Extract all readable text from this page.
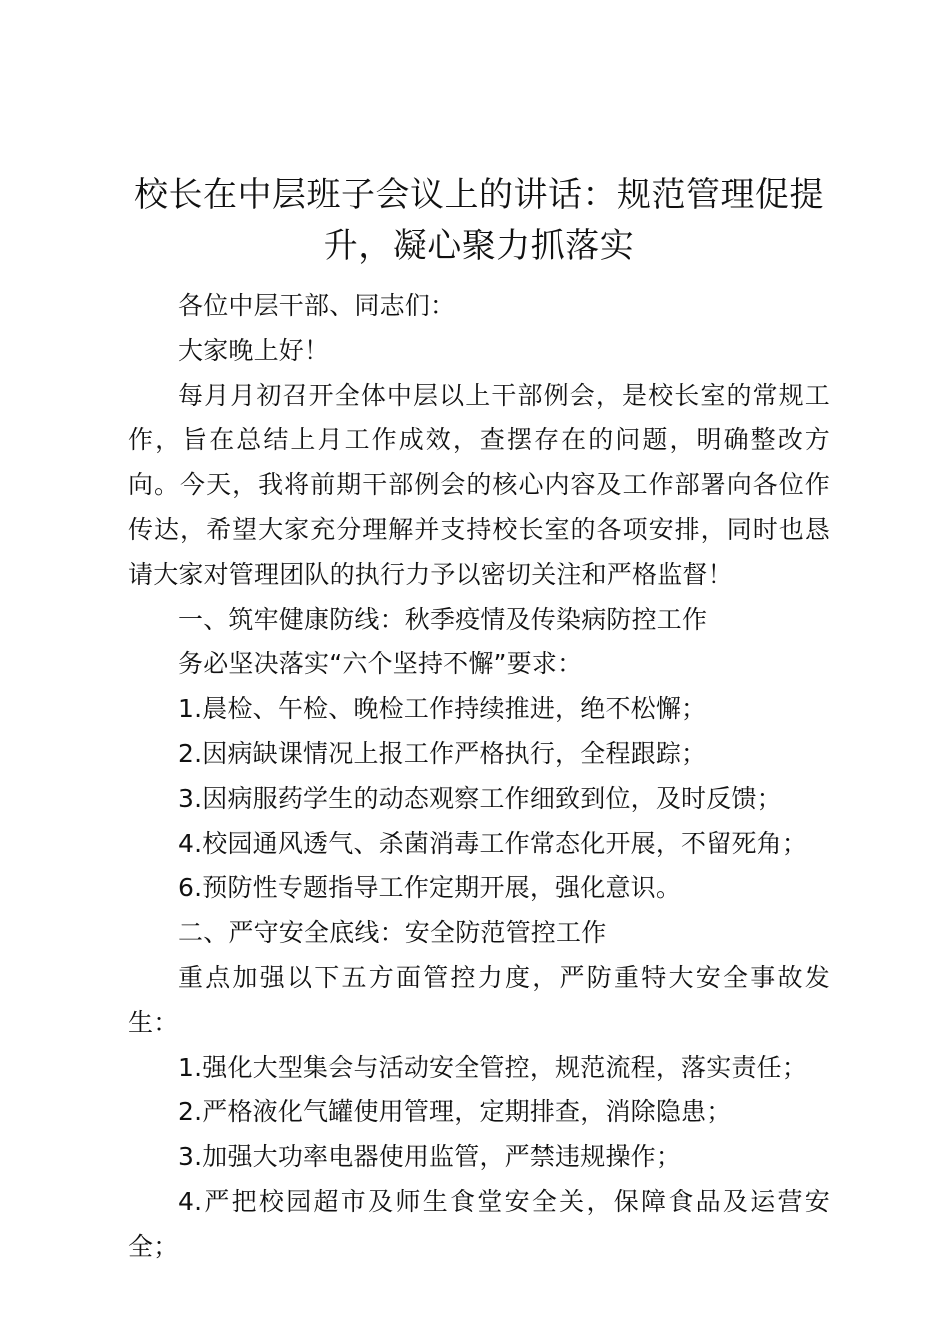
校长在中层班子会议上的讲话：规范管理促提
升，凝心聚力抓落实

各位中层干部、同志们：

大家晚上好！

每月月初召开全体中层以上干部例会，是校长室的常规工作，旨在总结上月工作成效，查摆存在的问题，明确整改方向。今天，我将前期干部例会的核心内容及工作部署向各位作传达，希望大家充分理解并支持校长室的各项安排，同时也恳请大家对管理团队的执行力予以密切关注和严格监督！

一、筑牢健康防线：秋季疫情及传染病防控工作

务必坚决落实“六个坚持不懈”要求：

1.晨检、午检、晚检工作持续推进，绝不松懈；

2.因病缺课情况上报工作严格执行，全程跟踪；

3.因病服药学生的动态观察工作细致到位，及时反馈；

4.校园通风透气、杀菌消毒工作常态化开展，不留死角；

6.预防性专题指导工作定期开展，强化意识。

二、严守安全底线：安全防范管控工作

重点加强以下五方面管控力度，严防重特大安全事故发生：

1.强化大型集会与活动安全管控，规范流程，落实责任；

2.严格液化气罐使用管理，定期排查，消除隐患；

3.加强大功率电器使用监管，严禁违规操作；

4.严把校园超市及师生食堂安全关，保障食品及运营安全；
